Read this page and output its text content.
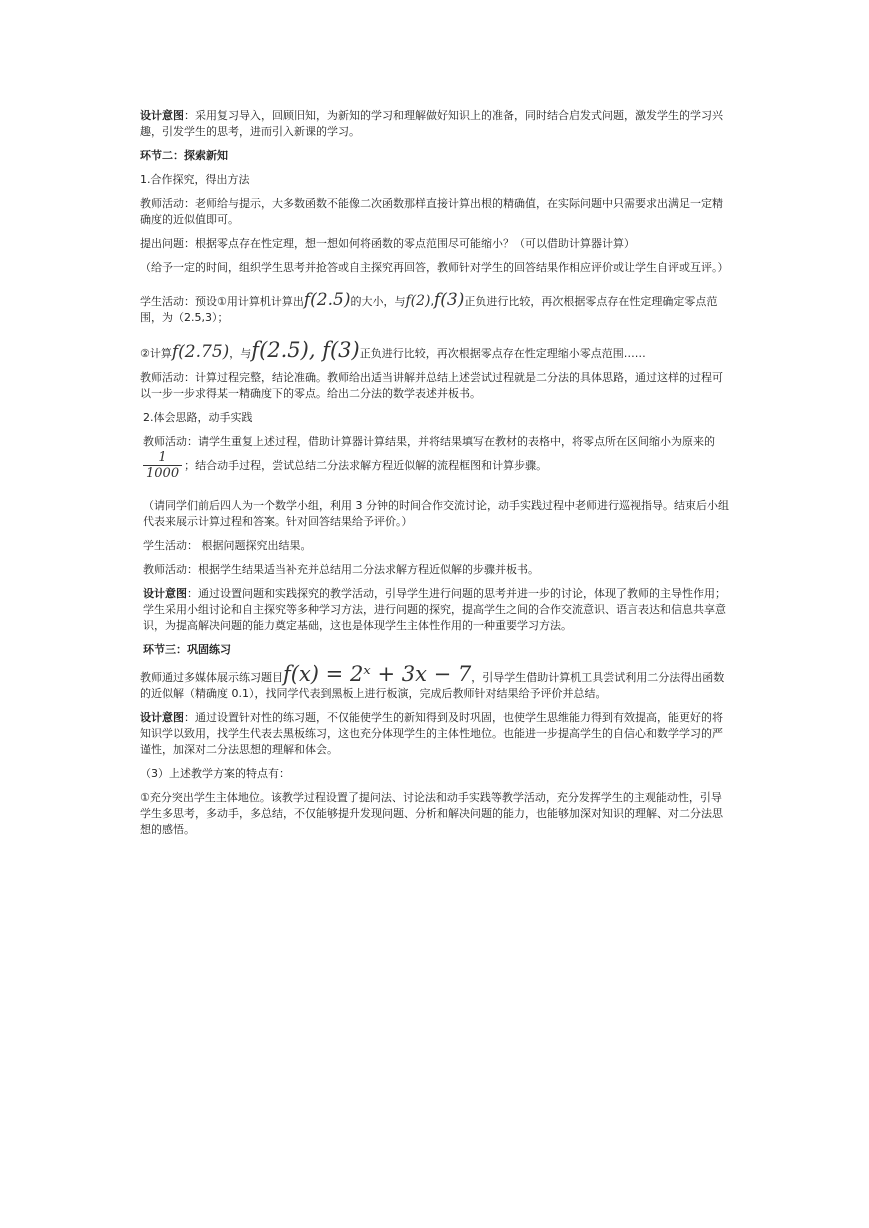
设计意图：采用复习导入，回顾旧知，为新知的学习和理解做好知识上的准备，同时结合启发式问题，激发学生的学习兴趣，引发学生的思考，进而引入新课的学习。

环节二：探索新知

1.合作探究，得出方法

教师活动：老师给与提示，大多数函数不能像二次函数那样直接计算出根的精确值，在实际问题中只需要求出满足一定精确度的近似值即可。

提出问题：根据零点存在性定理，想一想如何将函数的零点范围尽可能缩小？（可以借助计算器计算）

（给予一定的时间，组织学生思考并抢答或自主探究再回答，教师针对学生的回答结果作相应评价或让学生自评或互评。）

学生活动：预设①用计算机计算出f(2.5)的大小，与f(2),f(3)正负进行比较，再次根据零点存在性定理确定零点范围，为（2.5,3）；

②计算f(2.75)，与f(2.5), f(3)正负进行比较，再次根据零点存在性定理缩小零点范围……

教师活动：计算过程完整，结论准确。教师给出适当讲解并总结上述尝试过程就是二分法的具体思路，通过这样的过程可以一步一步求得某一精确度下的零点。给出二分法的数学表述并板书。

2.体会思路，动手实践

教师活动：请学生重复上述过程，借助计算器计算结果，并将结果填写在教材的表格中，将零点所在区间缩小为原来的

$\frac{1}{1000}$ ；结合动手过程，尝试总结二分法求解方程近似解的流程框图和计算步骤。

（请同学们前后四人为一个数学小组，利用 3 分钟的时间合作交流讨论，动手实践过程中老师进行巡视指导。结束后小组代表来展示计算过程和答案。针对回答结果给予评价。）

学生活动： 根据问题探究出结果。

教师活动：根据学生结果适当补充并总结用二分法求解方程近似解的步骤并板书。

设计意图：通过设置问题和实践探究的教学活动，引导学生进行问题的思考并进一步的讨论，体现了教师的主导性作用；学生采用小组讨论和自主探究等多种学习方法，进行问题的探究，提高学生之间的合作交流意识、语言表达和信息共享意识，为提高解决问题的能力奠定基础，这也是体现学生主体性作用的一种重要学习方法。

环节三：巩固练习

教师通过多媒体展示练习题目f(x) = 2ˣ + 3x − 7，引导学生借助计算机工具尝试利用二分法得出函数的近似解（精确度 0.1），找同学代表到黑板上进行板演，完成后教师针对结果给予评价并总结。

设计意图：通过设置针对性的练习题，不仅能使学生的新知得到及时巩固，也使学生思维能力得到有效提高，能更好的将知识学以致用，找学生代表去黑板练习，这也充分体现学生的主体性地位。也能进一步提高学生的自信心和数学学习的严谨性，加深对二分法思想的理解和体会。

（3）上述教学方案的特点有：

①充分突出学生主体地位。该教学过程设置了提问法、讨论法和动手实践等教学活动，充分发挥学生的主观能动性，引导学生多思考，多动手，多总结，不仅能够提升发现问题、分析和解决问题的能力，也能够加深对知识的理解、对二分法思想的感悟。
